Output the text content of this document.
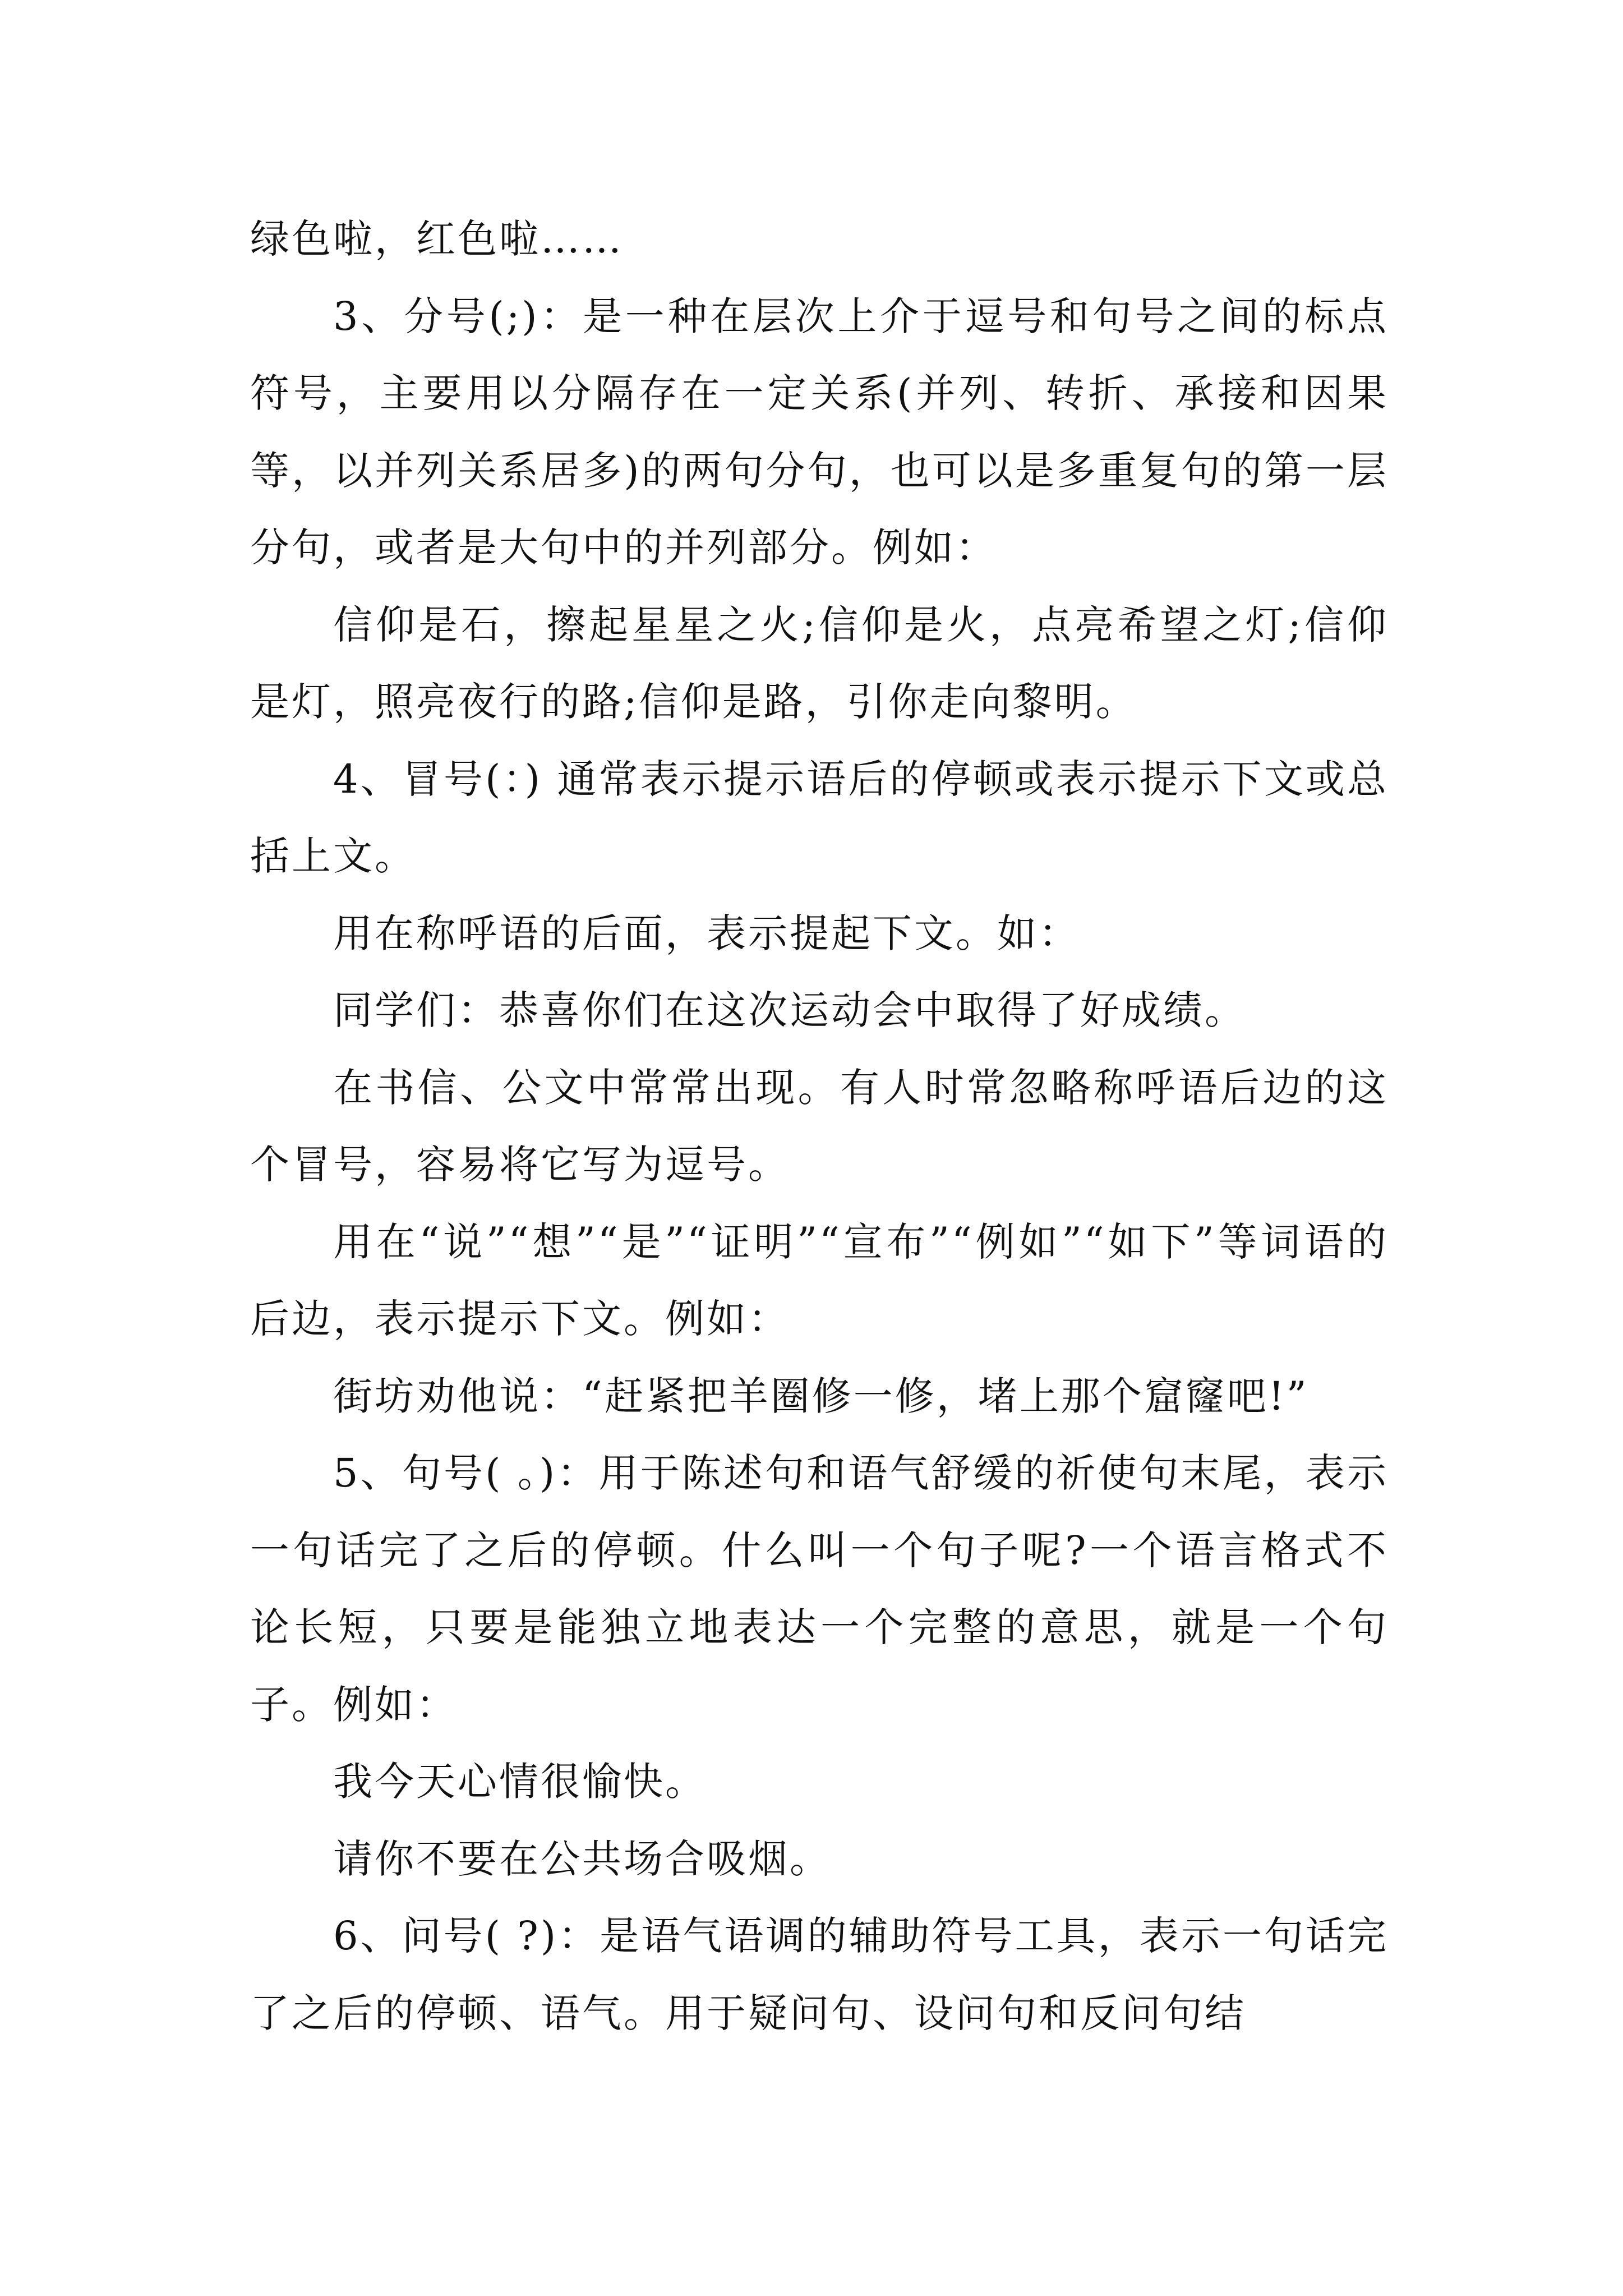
绿色啦，红色啦……

3、分号(;)：是一种在层次上介于逗号和句号之间的标点符号，主要用以分隔存在一定关系(并列、转折、承接和因果等，以并列关系居多)的两句分句，也可以是多重复句的第一层分句，或者是大句中的并列部分。例如：

信仰是石，擦起星星之火;信仰是火，点亮希望之灯;信仰是灯，照亮夜行的路;信仰是路，引你走向黎明。

4、冒号(：) 通常表示提示语后的停顿或表示提示下文或总括上文。

用在称呼语的后面，表示提起下文。如：

同学们：恭喜你们在这次运动会中取得了好成绩。

在书信、公文中常常出现。有人时常忽略称呼语后边的这个冒号，容易将它写为逗号。

用在“说”“想”“是”“证明”“宣布”“例如”“如下”等词语的后边，表示提示下文。例如：

街坊劝他说：“赶紧把羊圈修一修，堵上那个窟窿吧!”

5、句号( 。)：用于陈述句和语气舒缓的祈使句末尾，表示一句话完了之后的停顿。什么叫一个句子呢?一个语言格式不论长短，只要是能独立地表达一个完整的意思，就是一个句子。例如：

我今天心情很愉快。

请你不要在公共场合吸烟。

6、问号( ?)：是语气语调的辅助符号工具，表示一句话完了之后的停顿、语气。用于疑问句、设问句和反问句结
